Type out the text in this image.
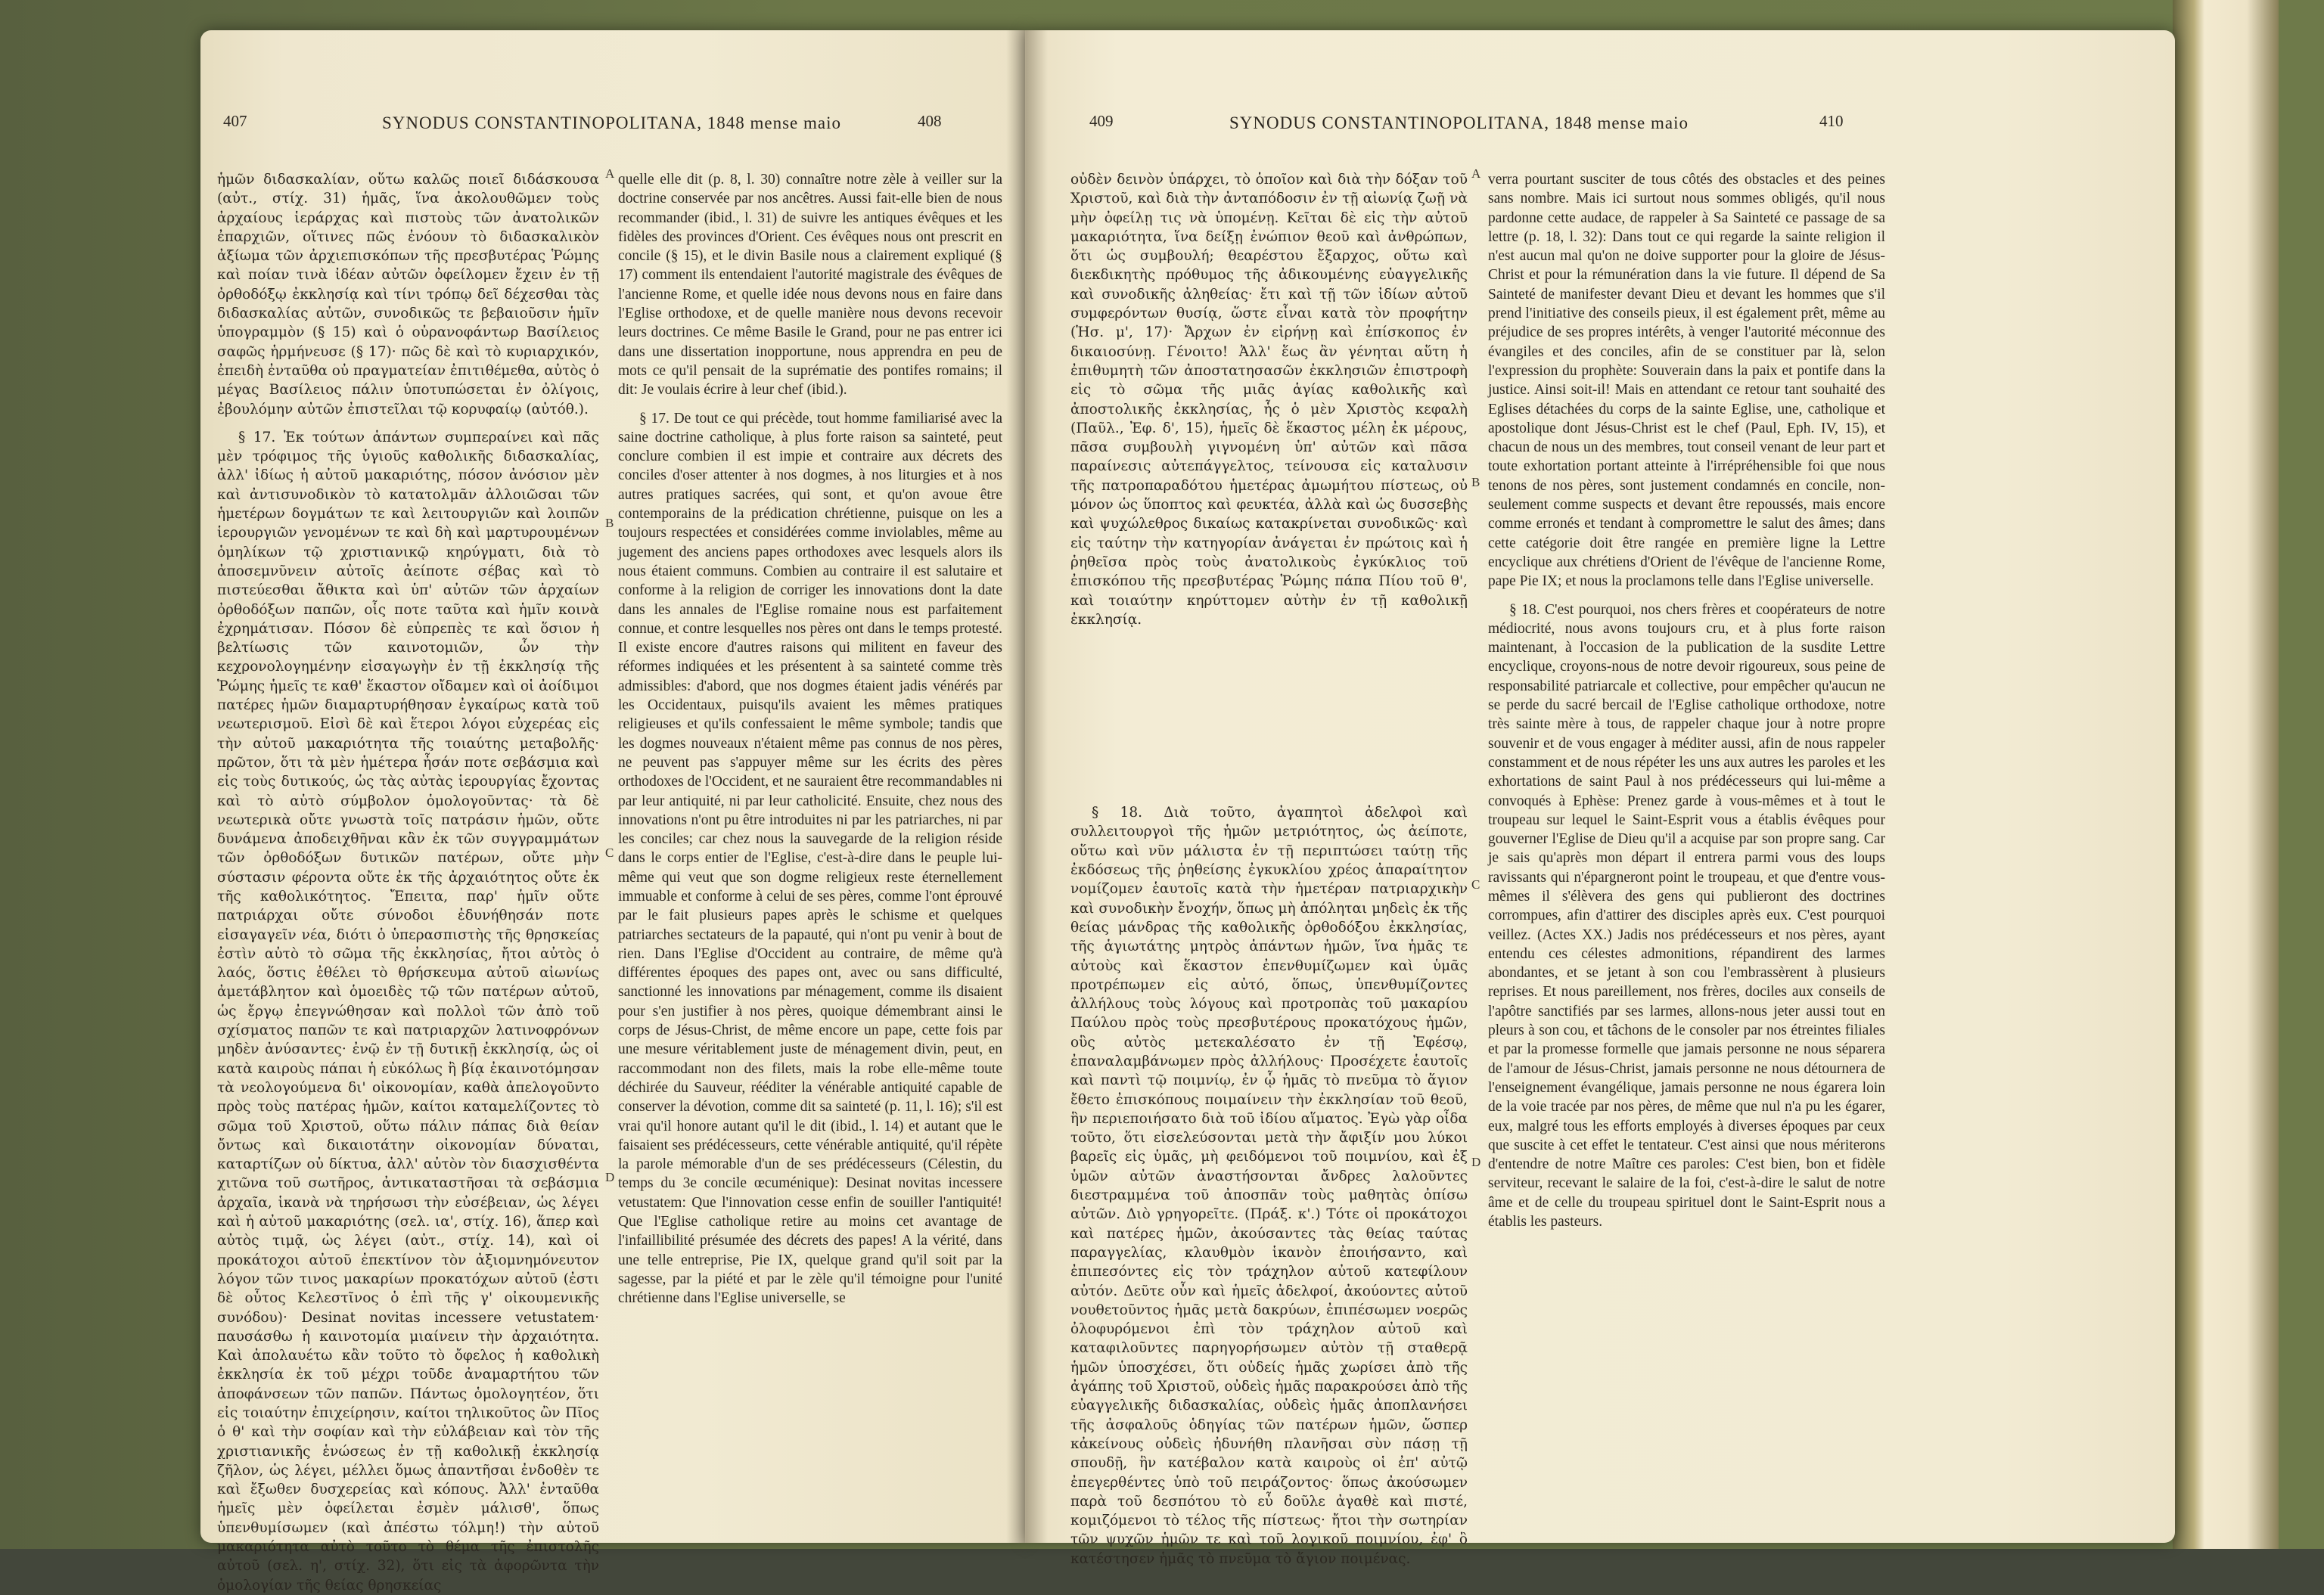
407	SYNODUS CONSTANTINOPOLITANA, 1848 mense maio	408

ἡμῶν διδασκαλίαν, οὕτω καλῶς ποιεῖ διδάσκουσα (αὐτ., στίχ. 31) ἡμᾶς, ἵνα ἀκολουθῶμεν τοὺς ἀρχαίους ἱεράρχας καὶ πιστοὺς τῶν ἀνατολικῶν ἐπαρχιῶν, οἵτινες πῶς ἐνόουν τὸ διδασκαλικὸν ἀξίωμα τῶν ἀρχιεπισκόπων τῆς πρεσβυτέρας Ῥώμης καὶ ποίαν τινὰ ἰδέαν αὐτῶν ὀφείλομεν ἔχειν ἐν τῇ ὀρθοδόξῳ ἐκκλησίᾳ καὶ τίνι τρόπῳ δεῖ δέχεσθαι τὰς διδασκαλίας αὐτῶν, συνοδικῶς τε βεβαιοῦσιν ἡμῖν ὑπογραμμὸν (§ 15) καὶ ὁ οὐρανοφάντωρ Βασίλειος σαφῶς ἡρμήνευσε (§ 17)· πῶς δὲ καὶ τὸ κυριαρχικόν, ἐπειδὴ ἐνταῦθα οὐ πραγματείαν ἐπιτιθέμεθα, αὐτὸς ὁ μέγας Βασίλειος πάλιν ὑποτυπώσεται ἐν ὀλίγοις, ἐβουλόμην αὐτῶν ἐπιστεῖλαι τῷ κορυφαίῳ (αὐτόθ.).

§ 17. Ἐκ τούτων ἁπάντων συμπεραίνει καὶ πᾶς μὲν τρόφιμος τῆς ὑγιοῦς καθολικῆς διδασκαλίας, ἀλλ' ἰδίως ἡ αὐτοῦ μακαριότης, πόσον ἀνόσιον μὲν καὶ ἀντισυνοδικὸν τὸ κατατολμᾶν ἀλλοιῶσαι τῶν ἡμετέρων δογμάτων τε καὶ λειτουργιῶν καὶ λοιπῶν ἱερουργιῶν γενομένων τε καὶ δὴ καὶ μαρτυρουμένων ὁμηλίκων τῷ χριστιανικῷ κηρύγματι, διὰ τὸ ἀποσεμνῦνειν αὐτοῖς ἀείποτε σέβας καὶ τὸ πιστεύεσθαι ἄθικτα καὶ ὑπ' αὐτῶν τῶν ἀρχαίων ὀρθοδόξων παπῶν, οἷς ποτε ταῦτα καὶ ἡμῖν κοινὰ ἐχρημάτισαν. Πόσον δὲ εὐπρεπὲς τε καὶ ὅσιον ἡ βελτίωσις τῶν καινοτομιῶν, ὧν τὴν κεχρονολογημένην εἰσαγωγὴν ἐν τῇ ἐκκλησίᾳ τῆς Ῥώμης ἡμεῖς τε καθ' ἕκαστον οἴδαμεν καὶ οἱ ἀοίδιμοι πατέρες ἡμῶν διαμαρτυρήθησαν ἐγκαίρως κατὰ τοῦ νεωτερισμοῦ. Εἰσὶ δὲ καὶ ἕτεροι λόγοι εὐχερέας εἰς τὴν αὐτοῦ μακαριότητα τῆς τοιαύτης μεταβολῆς· πρῶτον, ὅτι τὰ μὲν ἡμέτερα ἦσάν ποτε σεβάσμια καὶ εἰς τοὺς δυτικούς, ὡς τὰς αὐτὰς ἱερουργίας ἔχοντας καὶ τὸ αὐτὸ σύμβολον ὁμολογοῦντας· τὰ δὲ νεωτερικὰ οὔτε γνωστὰ τοῖς πατράσιν ἡμῶν, οὔτε δυνάμενα ἀποδειχθῆναι κἂν ἐκ τῶν συγγραμμάτων τῶν ὀρθοδόξων δυτικῶν πατέρων, οὔτε μὴν σύστασιν φέροντα οὔτε ἐκ τῆς ἀρχαιότητος οὔτε ἐκ τῆς καθολικότητος. Ἔπειτα, παρ' ἡμῖν οὔτε πατριάρχαι οὔτε σύνοδοι ἐδυνήθησάν ποτε εἰσαγαγεῖν νέα, διότι ὁ ὑπερασπιστὴς τῆς θρησκείας ἐστὶν αὐτὸ τὸ σῶμα τῆς ἐκκλησίας, ἤτοι αὐτὸς ὁ λαός, ὅστις ἐθέλει τὸ θρήσκευμα αὐτοῦ αἰωνίως ἀμετάβλητον καὶ ὁμοειδὲς τῷ τῶν πατέρων αὐτοῦ, ὡς ἔργῳ ἐπεγνώθησαν καὶ πολλοὶ τῶν ἀπὸ τοῦ σχίσματος παπῶν τε καὶ πατριαρχῶν λατινοφρόνων μηδὲν ἀνύσαντες· ἐνῷ ἐν τῇ δυτικῇ ἐκκλησίᾳ, ὡς οἱ κατὰ καιροὺς πάπαι ἡ εὐκόλως ἢ βίᾳ ἐκαινοτόμησαν τὰ νεολογούμενα δι' οἰκονομίαν, καθὰ ἀπελογοῦντο πρὸς τοὺς πατέρας ἡμῶν, καίτοι καταμελίζοντες τὸ σῶμα τοῦ Χριστοῦ, οὕτω πάλιν πάπας διὰ θείαν ὄντως καὶ δικαιοτάτην οἰκονομίαν δύναται, καταρτίζων οὐ δίκτυα, ἀλλ' αὐτὸν τὸν διασχισθέντα χιτῶνα τοῦ σωτῆρος, ἀντικαταστῆσαι τὰ σεβάσμια ἀρχαῖα, ἱκανὰ νὰ τηρήσωσι τὴν εὐσέβειαν, ὡς λέγει καὶ ἡ αὐτοῦ μακαριότης (σελ. ια', στίχ. 16), ἅπερ καὶ αὐτὸς τιμᾷ, ὡς λέγει (αὐτ., στίχ. 14), καὶ οἱ προκάτοχοι αὐτοῦ ἐπεκτίνον τὸν ἀξιομνημόνευτον λόγον τῶν τινος μακαρίων προκατόχων αὐτοῦ (ἐστι δὲ οὗτος Κελεστῖνος ὁ ἐπὶ τῆς γ' οἰκουμενικῆς συνόδου)· Desinat novitas incessere vetustatem· παυσάσθω ἡ καινοτομία μιαίνειν τὴν ἀρχαιότητα. Καὶ ἀπολαυέτω κἂν τοῦτο τὸ ὄφελος ἡ καθολικὴ ἐκκλησία ἐκ τοῦ μέχρι τοῦδε ἀναμαρτήτου τῶν ἀποφάνσεων τῶν παπῶν. Πάντως ὁμολογητέον, ὅτι εἰς τοιαύτην ἐπιχείρησιν, καίτοι τηλικοῦτος ὢν Πῖος ὁ θ' καὶ τὴν σοφίαν καὶ τὴν εὐλάβειαν καὶ τὸν τῆς χριστιανικῆς ἑνώσεως ἐν τῇ καθολικῇ ἐκκλησίᾳ ζῆλον, ὡς λέγει, μέλλει ὅμως ἀπαντῆσαι ἐνδοθὲν τε καὶ ἔξωθεν δυσχερείας καὶ κόπους. Ἀλλ' ἐνταῦθα ἡμεῖς μὲν ὀφείλεται ἐσμὲν μάλισθ', ὅπως ὑπενθυμίσωμεν (καὶ ἀπέστω τόλμη!) τὴν αὐτοῦ μακαριότητα αὐτὸ τοῦτο τὸ θέμα τῆς ἐπιστολῆς αὐτοῦ (σελ. η', στίχ. 32), ὅτι εἰς τὰ ἀφορῶντα τὴν ὁμολογίαν τῆς θείας θρησκείας

A
B
C
D

quelle elle dit (p. 8, l. 30) connaître notre zèle à veiller sur la doctrine conservée par nos ancêtres. Aussi fait-elle bien de nous recommander (ibid., l. 31) de suivre les antiques évêques et les fidèles des provinces d'Orient. Ces évêques nous ont prescrit en concile (§ 15), et le divin Basile nous a clairement expliqué (§ 17) comment ils entendaient l'autorité magistrale des évêques de l'ancienne Rome, et quelle idée nous devons nous en faire dans l'Eglise orthodoxe, et de quelle manière nous devons recevoir leurs doctrines. Ce même Basile le Grand, pour ne pas entrer ici dans une dissertation inopportune, nous apprendra en peu de mots ce qu'il pensait de la suprématie des pontifes romains; il dit: Je voulais écrire à leur chef (ibid.).

§ 17. De tout ce qui précède, tout homme familiarisé avec la saine doctrine catholique, à plus forte raison sa sainteté, peut conclure combien il est impie et contraire aux décrets des conciles d'oser attenter à nos dogmes, à nos liturgies et à nos autres pratiques sacrées, qui sont, et qu'on avoue être contemporains de la prédication chrétienne, puisque on les a toujours respectées et considérées comme inviolables, même au jugement des anciens papes orthodoxes avec lesquels alors ils nous étaient communs. Combien au contraire il est salutaire et conforme à la religion de corriger les innovations dont la date dans les annales de l'Eglise romaine nous est parfaitement connue, et contre lesquelles nos pères ont dans le temps protesté. Il existe encore d'autres raisons qui militent en faveur des réformes indiquées et les présentent à sa sainteté comme très admissibles: d'abord, que nos dogmes étaient jadis vénérés par les Occidentaux, puisqu'ils avaient les mêmes pratiques religieuses et qu'ils confessaient le même symbole; tandis que les dogmes nouveaux n'étaient même pas connus de nos pères, ne peuvent pas s'appuyer même sur les écrits des pères orthodoxes de l'Occident, et ne sauraient être recommandables ni par leur antiquité, ni par leur catholicité. Ensuite, chez nous des innovations n'ont pu être introduites ni par les patriarches, ni par les conciles; car chez nous la sauvegarde de la religion réside dans le corps entier de l'Eglise, c'est-à-dire dans le peuple lui-même qui veut que son dogme religieux reste éternellement immuable et conforme à celui de ses pères, comme l'ont éprouvé par le fait plusieurs papes après le schisme et quelques patriarches sectateurs de la papauté, qui n'ont pu venir à bout de rien. Dans l'Eglise d'Occident au contraire, de même qu'à différentes époques des papes ont, avec ou sans difficulté, sanctionné les innovations par ménagement, comme ils disaient pour s'en justifier à nos pères, quoique démembrant ainsi le corps de Jésus-Christ, de même encore un pape, cette fois par une mesure véritablement juste de ménagement divin, peut, en raccommodant non des filets, mais la robe elle-même toute déchirée du Sauveur, rééditer la vénérable antiquité capable de conserver la dévotion, comme dit sa sainteté (p. 11, l. 16); s'il est vrai qu'il honore autant qu'il le dit (ibid., l. 14) et autant que le faisaient ses prédécesseurs, cette vénérable antiquité, qu'il répète la parole mémorable d'un de ses prédécesseurs (Célestin, du temps du 3e concile œcuménique): Desinat novitas incessere vetustatem: Que l'innovation cesse enfin de souiller l'antiquité! Que l'Eglise catholique retire au moins cet avantage de l'infaillibilité présumée des décrets des papes! A la vérité, dans une telle entreprise, Pie IX, quelque grand qu'il soit par la sagesse, par la piété et par le zèle qu'il témoigne pour l'unité chrétienne dans l'Eglise universelle, se

409	SYNODUS CONSTANTINOPOLITANA, 1848 mense maio	410

οὐδὲν δεινὸν ὑπάρχει, τὸ ὁποῖον καὶ διὰ τὴν δόξαν τοῦ Χριστοῦ, καὶ διὰ τὴν ἀνταπόδοσιν ἐν τῇ αἰωνίᾳ ζωῇ νὰ μὴν ὀφείλῃ τις νὰ ὑπομένῃ. Κεῖται δὲ εἰς τὴν αὐτοῦ μακαριότητα, ἵνα δείξῃ ἐνώπιον θεοῦ καὶ ἀνθρώπων, ὅτι ὡς συμβουλή; θεαρέστου ἔξαρχος, οὕτω καὶ διεκδικητὴς πρόθυμος τῆς ἀδικουμένης εὐαγγελικῆς καὶ συνοδικῆς ἀληθείας· ἔτι καὶ τῇ τῶν ἰδίων αὐτοῦ συμφερόντων θυσίᾳ, ὥστε εἶναι κατὰ τὸν προφήτην (Ἡσ. μ', 17)· Ἄρχων ἐν εἰρήνῃ καὶ ἐπίσκοπος ἐν δικαιοσύνῃ. Γένοιτο! Ἀλλ' ἕως ἂν γένηται αὕτη ἡ ἐπιθυμητὴ τῶν ἀποστατησασῶν ἐκκλησιῶν ἐπιστροφὴ εἰς τὸ σῶμα τῆς μιᾶς ἁγίας καθολικῆς καὶ ἀποστολικῆς ἐκκλησίας, ἧς ὁ μὲν Χριστὸς κεφαλὴ (Παῦλ., Ἐφ. δ', 15), ἡμεῖς δὲ ἕκαστος μέλη ἐκ μέρους, πᾶσα συμβουλὴ γιγνομένη ὑπ' αὐτῶν καὶ πᾶσα παραίνεσις αὐτεπάγγελτος, τείνουσα εἰς καταλυσιν τῆς πατροπαραδότου ἡμετέρας ἀμωμήτου πίστεως, οὐ μόνον ὡς ὕποπτος καὶ φευκτέα, ἀλλὰ καὶ ὡς δυσσεβὴς καὶ ψυχώλεθρος δικαίως κατακρίνεται συνοδικῶς· καὶ εἰς ταύτην τὴν κατηγορίαν ἀνάγεται ἐν πρώτοις καὶ ἡ ῥηθεῖσα πρὸς τοὺς ἀνατολικοὺς ἐγκύκλιος τοῦ ἐπισκόπου τῆς πρεσβυτέρας Ῥώμης πάπα Πίου τοῦ θ', καὶ τοιαύτην κηρύττομεν αὐτὴν ἐν τῇ καθολικῇ ἐκκλησίᾳ.

§ 18. Διὰ τοῦτο, ἀγαπητοὶ ἀδελφοὶ καὶ συλλειτουργοὶ τῆς ἡμῶν μετριότητος, ὡς ἀείποτε, οὕτω καὶ νῦν μάλιστα ἐν τῇ περιπτώσει ταύτῃ τῆς ἐκδόσεως τῆς ῥηθείσης ἐγκυκλίου χρέος ἀπαραίτητον νομίζομεν ἑαυτοῖς κατὰ τὴν ἡμετέραν πατριαρχικὴν καὶ συνοδικὴν ἔνοχήν, ὅπως μὴ ἀπόληται μηδεὶς ἐκ τῆς θείας μάνδρας τῆς καθολικῆς ὀρθοδόξου ἐκκλησίας, τῆς ἁγιωτάτης μητρὸς ἁπάντων ἡμῶν, ἵνα ἡμᾶς τε αὐτοὺς καὶ ἕκαστον ἐπενθυμίζωμεν καὶ ὑμᾶς προτρέπωμεν εἰς αὐτό, ὅπως, ὑπενθυμίζοντες ἀλλήλους τοὺς λόγους καὶ προτροπὰς τοῦ μακαρίου Παύλου πρὸς τοὺς πρεσβυτέρους προκατόχους ἡμῶν, οὓς αὐτὸς μετεκαλέσατο ἐν τῇ Ἐφέσῳ, ἐπαναλαμβάνωμεν πρὸς ἀλλήλους· Προσέχετε ἑαυτοῖς καὶ παντὶ τῷ ποιμνίῳ, ἐν ᾧ ἡμᾶς τὸ πνεῦμα τὸ ἅγιον ἔθετο ἐπισκόπους ποιμαίνειν τὴν ἐκκλησίαν τοῦ θεοῦ, ἣν περιεποιήσατο διὰ τοῦ ἰδίου αἵματος. Ἐγὼ γὰρ οἶδα τοῦτο, ὅτι εἰσελεύσονται μετὰ τὴν ἄφιξίν μου λύκοι βαρεῖς εἰς ὑμᾶς, μὴ φειδόμενοι τοῦ ποιμνίου, καὶ ἐξ ὑμῶν αὐτῶν ἀναστήσονται ἄνδρες λαλοῦντες διεστραμμένα τοῦ ἀποσπᾶν τοὺς μαθητὰς ὀπίσω αὐτῶν. Διὸ γρηγορεῖτε. (Πράξ. κ'.) Τότε οἱ προκάτοχοι καὶ πατέρες ἡμῶν, ἀκούσαντες τὰς θείας ταύτας παραγγελίας, κλαυθμὸν ἱκανὸν ἐποιήσαντο, καὶ ἐπιπεσόντες εἰς τὸν τράχηλον αὐτοῦ κατεφίλουν αὐτόν. Δεῦτε οὖν καὶ ἡμεῖς ἀδελφοί, ἀκούοντες αὐτοῦ νουθετοῦντος ἡμᾶς μετὰ δακρύων, ἐπιπέσωμεν νοερῶς ὀλοφυρόμενοι ἐπὶ τὸν τράχηλον αὐτοῦ καὶ καταφιλοῦντες παρηγορήσωμεν αὐτὸν τῇ σταθερᾷ ἡμῶν ὑποσχέσει, ὅτι οὐδείς ἡμᾶς χωρίσει ἀπὸ τῆς ἀγάπης τοῦ Χριστοῦ, οὐδεὶς ἡμᾶς παρακρούσει ἀπὸ τῆς εὐαγγελικῆς διδασκαλίας, οὐδεὶς ἡμᾶς ἀποπλανήσει τῆς ἀσφαλοῦς ὁδηγίας τῶν πατέρων ἡμῶν, ὥσπερ κἀκείνους οὐδεὶς ἠδυνήθη πλανῆσαι σὺν πάσῃ τῇ σπουδῇ, ἣν κατέβαλον κατὰ καιροὺς οἱ ἐπ' αὐτῷ ἐπεγερθέντες ὑπὸ τοῦ πειράζοντος· ὅπως ἀκούσωμεν παρὰ τοῦ δεσπότου τὸ εὖ δοῦλε ἀγαθὲ καὶ πιστέ, κομιζόμενοι τὸ τέλος τῆς πίστεως· ἤτοι τὴν σωτηρίαν τῶν ψυχῶν ἡμῶν τε καὶ τοῦ λογικοῦ ποιμνίου, ἐφ' ὃ κατέστησεν ἡμᾶς τὸ πνεῦμα τὸ ἅγιον ποιμένας.

A
B
C
D

verra pourtant susciter de tous côtés des obstacles et des peines sans nombre. Mais ici surtout nous sommes obligés, qu'il nous pardonne cette audace, de rappeler à Sa Sainteté ce passage de sa lettre (p. 18, l. 32): Dans tout ce qui regarde la sainte religion il n'est aucun mal qu'on ne doive supporter pour la gloire de Jésus-Christ et pour la rémunération dans la vie future. Il dépend de Sa Sainteté de manifester devant Dieu et devant les hommes que s'il prend l'initiative des conseils pieux, il est également prêt, même au préjudice de ses propres intérêts, à venger l'autorité méconnue des évangiles et des conciles, afin de se constituer par là, selon l'expression du prophète: Souverain dans la paix et pontife dans la justice. Ainsi soit-il! Mais en attendant ce retour tant souhaité des Eglises détachées du corps de la sainte Eglise, une, catholique et apostolique dont Jésus-Christ est le chef (Paul, Eph. IV, 15), et chacun de nous un des membres, tout conseil venant de leur part et toute exhortation portant atteinte à l'irrépréhensible foi que nous tenons de nos pères, sont justement condamnés en concile, non-seulement comme suspects et devant être repoussés, mais encore comme erronés et tendant à compromettre le salut des âmes; dans cette catégorie doit être rangée en première ligne la Lettre encyclique aux chrétiens d'Orient de l'évêque de l'ancienne Rome, pape Pie IX; et nous la proclamons telle dans l'Eglise universelle.

§ 18. C'est pourquoi, nos chers frères et coopérateurs de notre médiocrité, nous avons toujours cru, et à plus forte raison maintenant, à l'occasion de la publication de la susdite Lettre encyclique, croyons-nous de notre devoir rigoureux, sous peine de responsabilité patriarcale et collective, pour empêcher qu'aucun ne se perde du sacré bercail de l'Eglise catholique orthodoxe, notre très sainte mère à tous, de rappeler chaque jour à notre propre souvenir et de vous engager à méditer aussi, afin de nous rappeler constamment et de nous répéter les uns aux autres les paroles et les exhortations de saint Paul à nos prédécesseurs qui lui-même a convoqués à Ephèse: Prenez garde à vous-mêmes et à tout le troupeau sur lequel le Saint-Esprit vous a établis évêques pour gouverner l'Eglise de Dieu qu'il a acquise par son propre sang. Car je sais qu'après mon départ il entrera parmi vous des loups ravissants qui n'épargneront point le troupeau, et que d'entre vous-mêmes il s'élèvera des gens qui publieront des doctrines corrompues, afin d'attirer des disciples après eux. C'est pourquoi veillez. (Actes XX.) Jadis nos prédécesseurs et nos pères, ayant entendu ces célestes admonitions, répandirent des larmes abondantes, et se jetant à son cou l'embrassèrent à plusieurs reprises. Et nous pareillement, nos frères, dociles aux conseils de l'apôtre sanctifiés par ses larmes, allons-nous jeter aussi tout en pleurs à son cou, et tâchons de le consoler par nos étreintes filiales et par la promesse formelle que jamais personne ne nous séparera de l'amour de Jésus-Christ, jamais personne ne nous détournera de l'enseignement évangélique, jamais personne ne nous égarera loin de la voie tracée par nos pères, de même que nul n'a pu les égarer, eux, malgré tous les efforts employés à diverses époques par ceux que suscite à cet effet le tentateur. C'est ainsi que nous mériterons d'entendre de notre Maître ces paroles: C'est bien, bon et fidèle serviteur, recevant le salaire de la foi, c'est-à-dire le salut de notre âme et de celle du troupeau spirituel dont le Saint-Esprit nous a établis les pasteurs.
